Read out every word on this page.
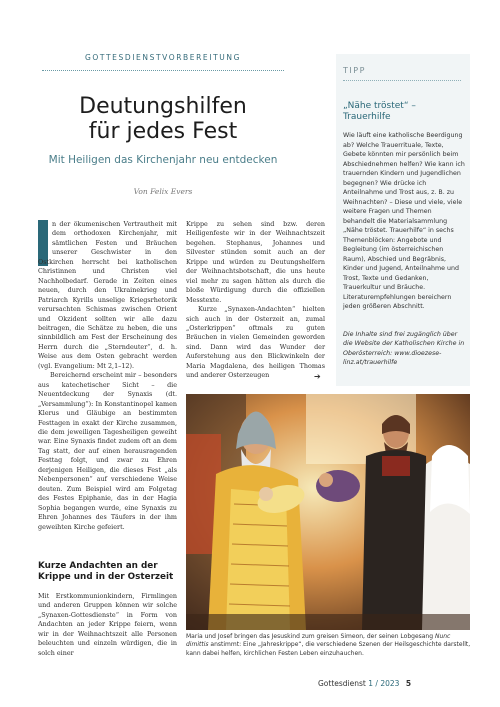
GOTTESDIENSTVORBEREITUNG
Deutungshilfen
für jedes Fest
Mit Heiligen das Kirchenjahr neu entdecken
Von Felix Evers

n der ökumenischen Vertrautheit mit dem orthodoxen Kirchenjahr, mit sämtlichen Festen und Bräuchen unserer Geschwister in den Ostkirchen herrscht bei katholischen Christinnen und Christen viel Nachholbedarf. Gerade in Zeiten eines neuen, durch den Ukrainekrieg und Patriarch Kyrills unselige Kriegsrhetorik verursachten Schismas zwischen Orient und Okzident sollten wir alle dazu beitragen, die Schätze zu heben, die uns sinnbildlich am Fest der Erscheinung des Herrn durch die „Sterndeuter“, d. h. Weise aus dem Osten gebracht werden (vgl. Evangelium: Mt 2,1–12).

Bereichernd erscheint mir – besonders aus katechetischer Sicht – die Neuentdeckung der Synaxis (dt. „Versammlung“): In Konstantinopel kamen Klerus und Gläubige an bestimmten Festtagen in exakt der Kirche zusammen, die dem jeweiligen Tagesheiligen geweiht war. Eine Synaxis findet zudem oft an dem Tag statt, der auf einen herausragenden Festtag folgt, und zwar zu Ehren derjenigen Heiligen, die dieses Fest „als Nebenpersonen“ auf verschiedene Weise deuten. Zum Beispiel wird am Folgetag des Festes Epiphanie, das in der Hagia Sophia begangen wurde, eine Synaxis zu Ehren Johannes des Täufers in der ihm geweihten Kirche gefeiert.

Kurze Andachten an der Krippe und in der Osterzeit

Mit Erstkommunionkindern, Firmlingen und anderen Gruppen können wir solche „Synaxen-Gottesdienste“ in Form von Andachten an jeder Krippe feiern, wenn wir in der Weihnachtszeit alle Personen beleuchten und einzeln würdigen, die in solch einer

Krippe zu sehen sind bzw. deren Heiligenfeste wir in der Weihnachtszeit begehen. Stephanus, Johannes und Silvester stünden somit auch an der Krippe und würden zu Deutungshelfern der Weihnachtsbotschaft, die uns heute viel mehr zu sagen hätten als durch die bloße Würdigung durch die offiziellen Messtexte.

Kurze „Synaxen-Andachten“ hielten sich auch in der Osterzeit an, zumal „Osterkrippen“ oftmals zu guten Bräuchen in vielen Gemeinden geworden sind. Dann wird das Wunder der Auferstehung aus den Blickwinkeln der Maria Magdalena, des heiligen Thomas und anderer Osterzeugen	➔
TIPP
„Nähe tröstet“ – Trauerhilfe
Wie läuft eine katholische Beerdigung ab? Welche Trauerrituale, Texte, Gebete könnten mir persönlich beim Abschiednehmen helfen? Wie kann ich trauernden Kindern und Jugendlichen begegnen? Wie drücke ich Anteilnahme und Trost aus, z. B. zu Weihnachten? – Diese und viele, viele weitere Fragen und Themen behandelt die Materialsammlung „Nähe tröstet. Trauerhilfe“ in sechs Themenblöcken: Angebote und Begleitung (im österreichischen Raum), Abschied und Begräbnis, Kinder und Jugend, Anteilnahme und Trost, Texte und Gedanken, Trauerkultur und Bräuche. Literaturempfehlungen bereichern jeden größeren Abschnitt.
Die Inhalte sind frei zugänglich über die Website der Katholischen Kirche in Oberösterreich: www.dioezese-linz.at/trauerhilfe
Maria und Josef bringen das Jesuskind zum greisen Simeon, der seinen Lobgesang Nunc dimittis anstimmt: Eine „Jahreskrippe“, die verschiedene Szenen der Heilsgeschichte darstellt, kann dabei helfen, kirchlichen Festen Leben einzuhauchen.
Gottesdienst 1 / 2023 5
